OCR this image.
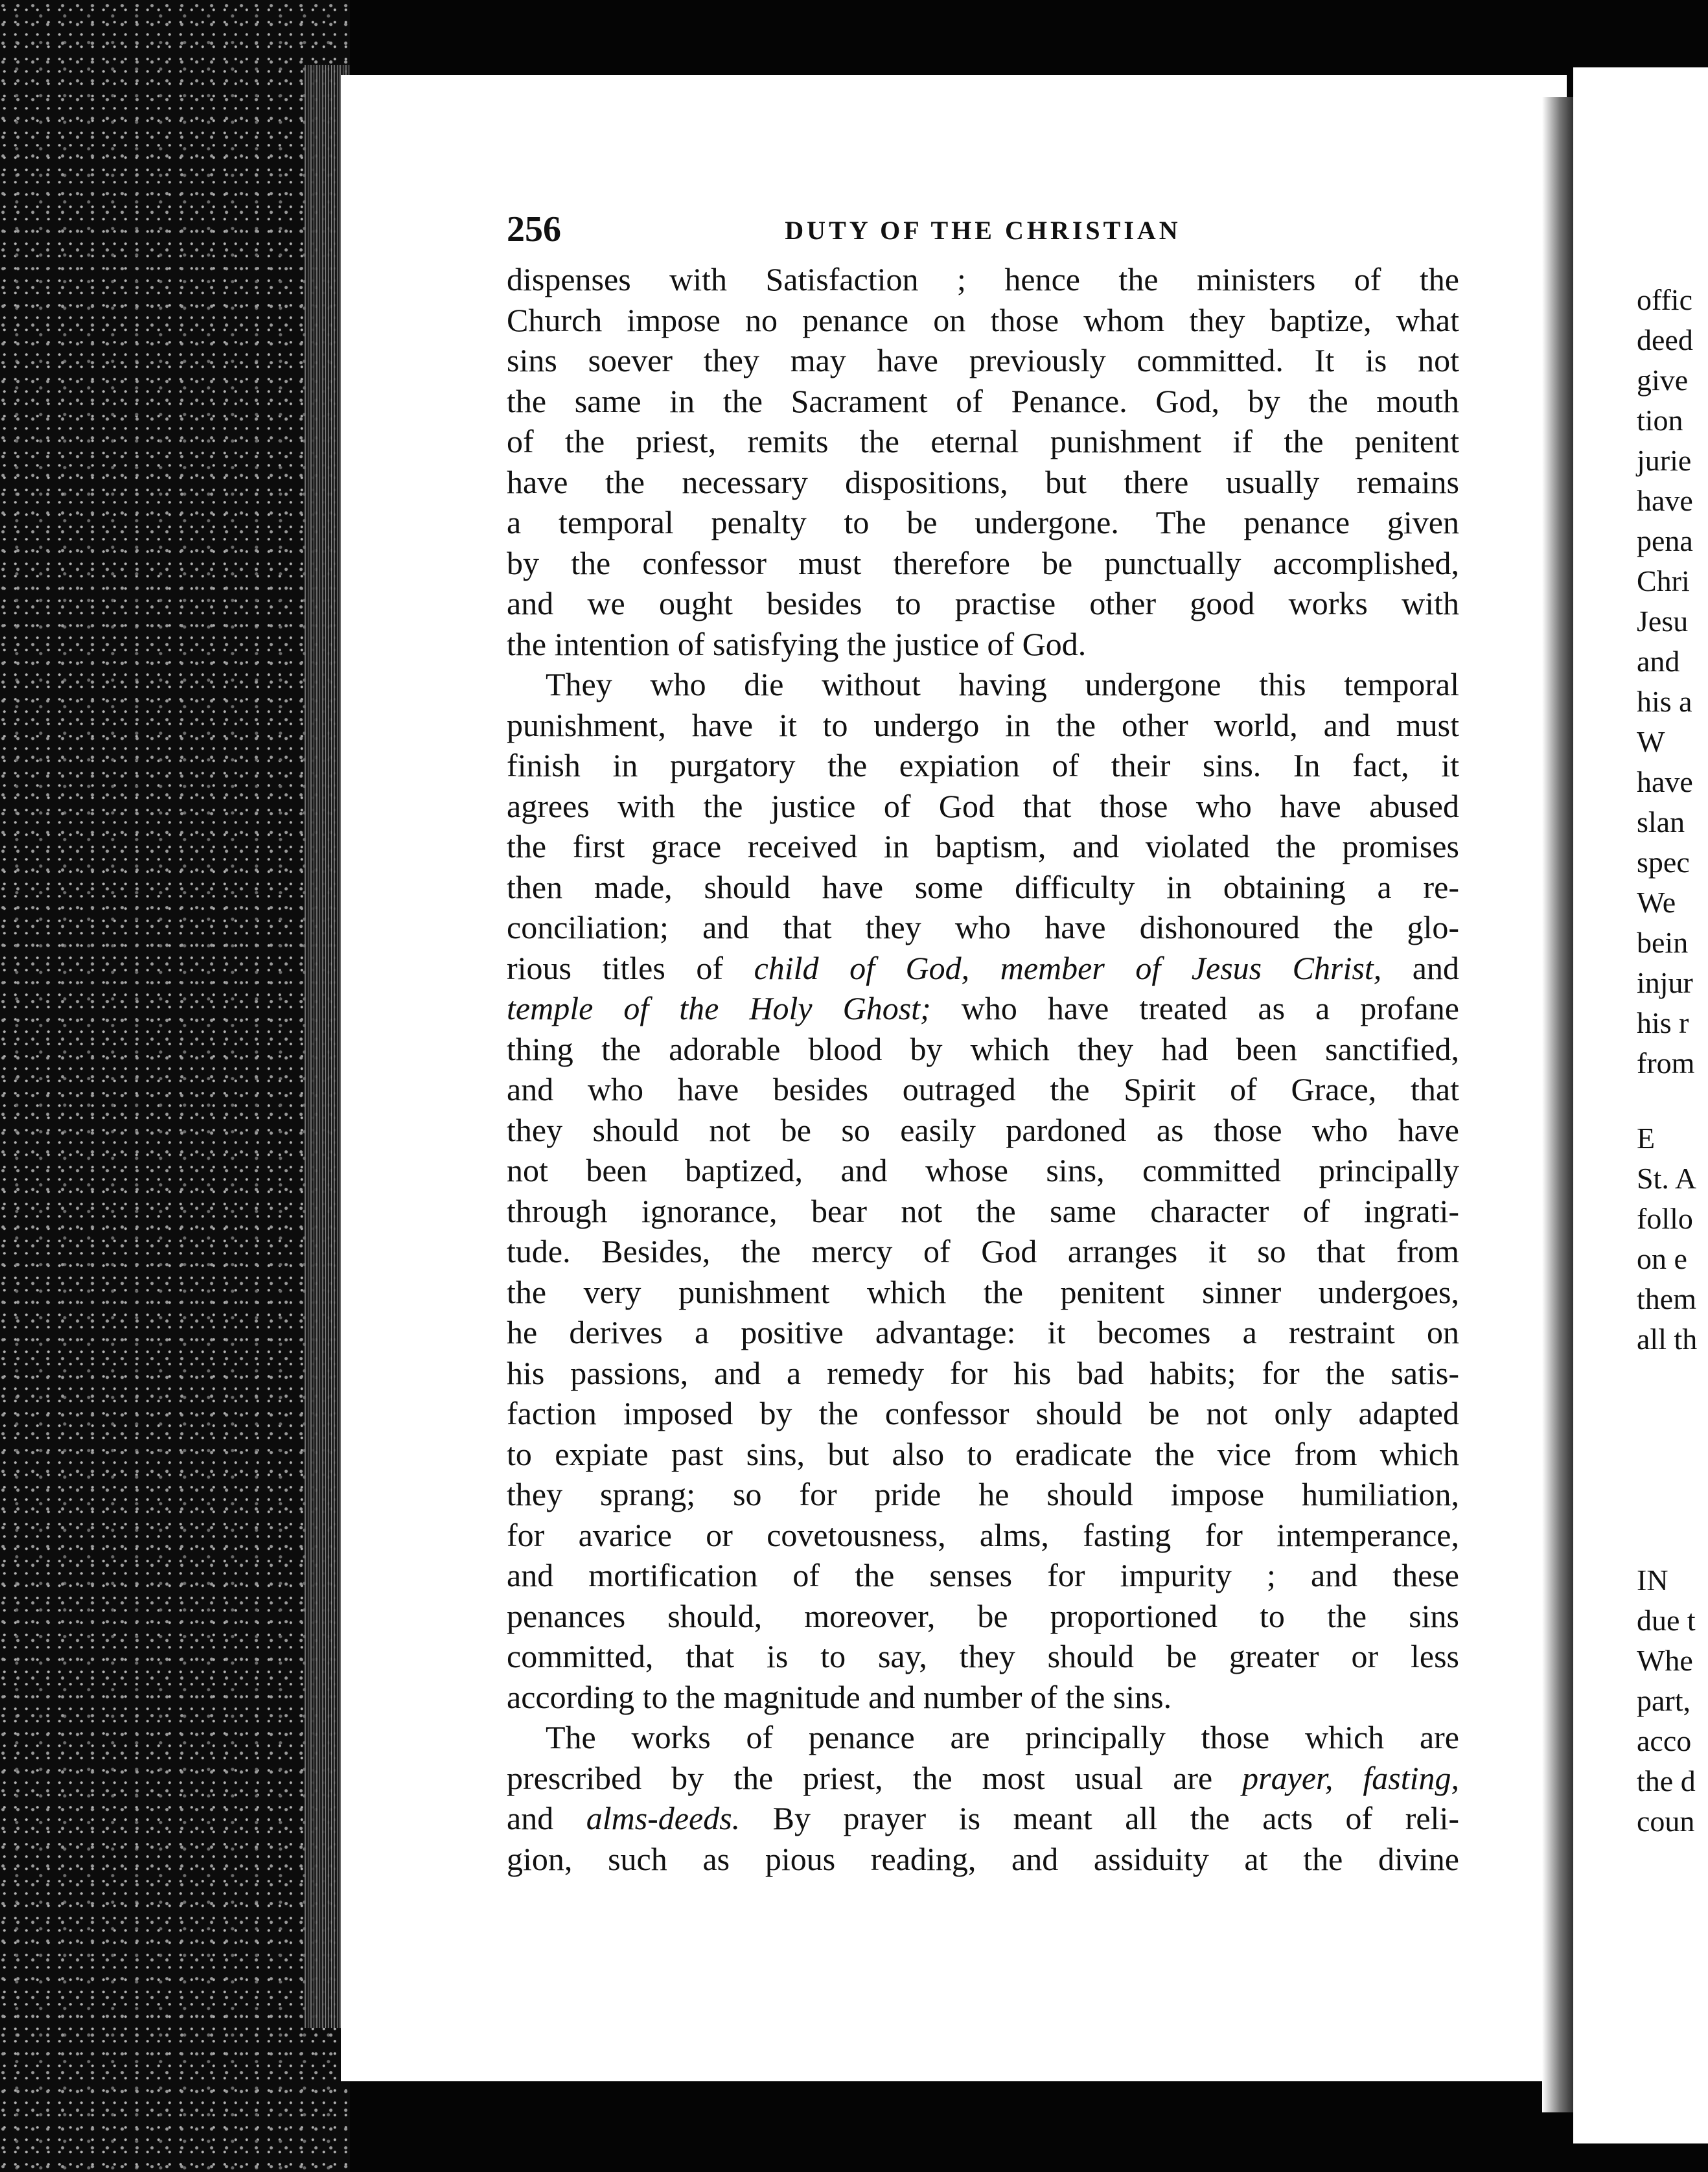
256	DUTY OF THE CHRISTIAN
dispenses with Satisfaction ; hence the ministers of the
Church impose no penance on those whom they baptize, what
sins soever they may have previously committed. It is not
the same in the Sacrament of Penance. God, by the mouth
of the priest, remits the eternal punishment if the penitent
have the necessary dispositions, but there usually remains
a temporal penalty to be undergone. The penance given
by the confessor must therefore be punctually accomplished,
and we ought besides to practise other good works with
the intention of satisfying the justice of God.
They who die without having undergone this temporal
punishment, have it to undergo in the other world, and must
finish in purgatory the expiation of their sins. In fact, it
agrees with the justice of God that those who have abused
the first grace received in baptism, and violated the promises
then made, should have some difficulty in obtaining a re-
conciliation; and that they who have dishonoured the glo-
rious titles of child of God, member of Jesus Christ, and
temple of the Holy Ghost; who have treated as a profane
thing the adorable blood by which they had been sanctified,
and who have besides outraged the Spirit of Grace, that
they should not be so easily pardoned as those who have
not been baptized, and whose sins, committed principally
through ignorance, bear not the same character of ingrati-
tude. Besides, the mercy of God arranges it so that from
the very punishment which the penitent sinner undergoes,
he derives a positive advantage: it becomes a restraint on
his passions, and a remedy for his bad habits; for the satis-
faction imposed by the confessor should be not only adapted
to expiate past sins, but also to eradicate the vice from which
they sprang; so for pride he should impose humiliation,
for avarice or covetousness, alms, fasting for intemperance,
and mortification of the senses for impurity ; and these
penances should, moreover, be proportioned to the sins
committed, that is to say, they should be greater or less
according to the magnitude and number of the sins.
The works of penance are principally those which are
prescribed by the priest, the most usual are prayer, fasting,
and alms-deeds. By prayer is meant all the acts of reli-
gion, such as pious reading, and assiduity at the divine
offic
deed
give
tion
jurie
have
pena
Chri
Jesu
and
his a
W
have
slan
spec
We
bein
injur
his r
from
E
St. A
follo
on e
them
all th
IN
due t
Whe
part,
acco
the d
coun
